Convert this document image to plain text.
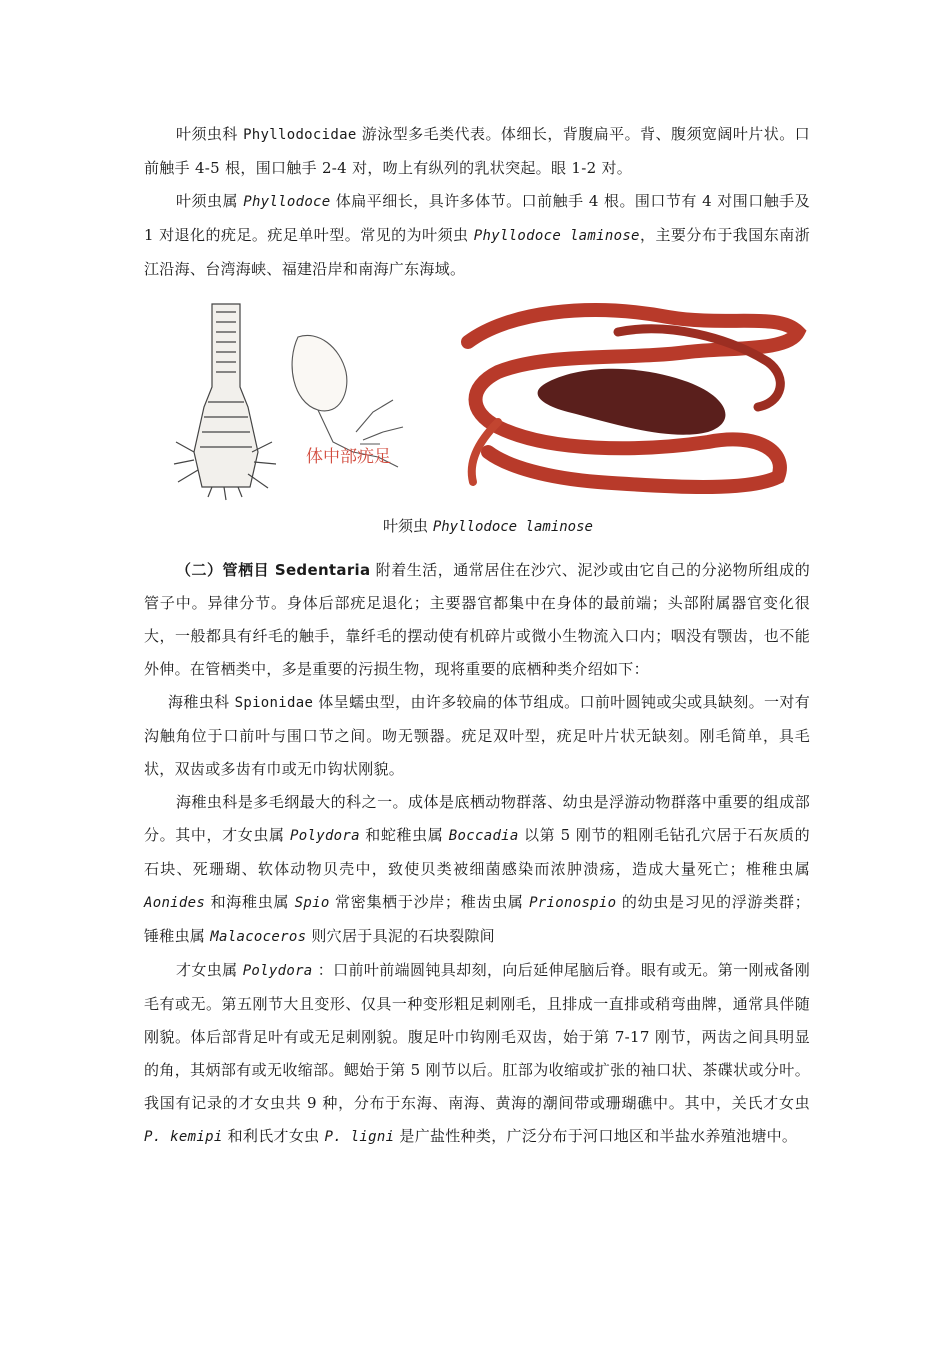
叶须虫科 Phyllodocidae 游泳型多毛类代表。体细长，背腹扁平。背、腹须宽阔叶片状。口前触手 4-5 根，围口触手 2-4 对，吻上有纵列的乳状突起。眼 1-2 对。

叶须虫属 Phyllodoce 体扁平细长，具许多体节。口前触手 4 根。围口节有 4 对围口触手及 1 对退化的疣足。疣足单叶型。常见的为叶须虫 Phyllodoce laminose，主要分布于我国东南浙江沿海、台湾海峡、福建沿岸和南海广东海域。

体中部疣足
叶须虫 Phyllodoce laminose

（二）管栖目 Sedentaria 附着生活，通常居住在沙穴、泥沙或由它自己的分泌物所组成的管子中。异律分节。身体后部疣足退化；主要器官都集中在身体的最前端；头部附属器官变化很大，一般都具有纤毛的触手，靠纤毛的摆动使有机碎片或微小生物流入口内；咽没有颚齿，也不能外伸。在管栖类中，多是重要的污损生物，现将重要的底栖种类介绍如下：

海稚虫科 Spionidae 体呈蠕虫型，由许多较扁的体节组成。口前叶圆钝或尖或具缺刻。一对有沟触角位于口前叶与围口节之间。吻无颚器。疣足双叶型，疣足叶片状无缺刻。刚毛简单，具毛状，双齿或多齿有巾或无巾钩状刚貌。

海稚虫科是多毛纲最大的科之一。成体是底栖动物群落、幼虫是浮游动物群落中重要的组成部分。其中，才女虫属 Polydora 和蛇稚虫属 Boccadia 以第 5 刚节的粗刚毛钻孔穴居于石灰质的石块、死珊瑚、软体动物贝壳中，致使贝类被细菌感染而浓肿溃疡，造成大量死亡；椎稚虫属 Aonides 和海稚虫属 Spio 常密集栖于沙岸；稚齿虫属 Prionospio 的幼虫是习见的浮游类群；锤稚虫属 Malacoceros 则穴居于具泥的石块裂隙间

才女虫属 Polydora ：口前叶前端圆钝具却刻，向后延伸尾脑后脊。眼有或无。第一刚戒备刚毛有或无。第五刚节大且变形、仅具一种变形粗足刺刚毛，且排成一直排或稍弯曲牌，通常具伴随刚貌。体后部背足叶有或无足刺刚貌。腹足叶巾钩刚毛双齿，始于第 7-17 刚节，两齿之间具明显的角，其炳部有或无收缩部。鳃始于第 5 刚节以后。肛部为收缩或扩张的袖口状、茶碟状或分叶。我国有记录的才女虫共 9 种，分布于东海、南海、黄海的潮间带或珊瑚礁中。其中，关氏才女虫 P. kemipi 和利氏才女虫 P. ligni 是广盐性种类，广泛分布于河口地区和半盐水养殖池塘中。
